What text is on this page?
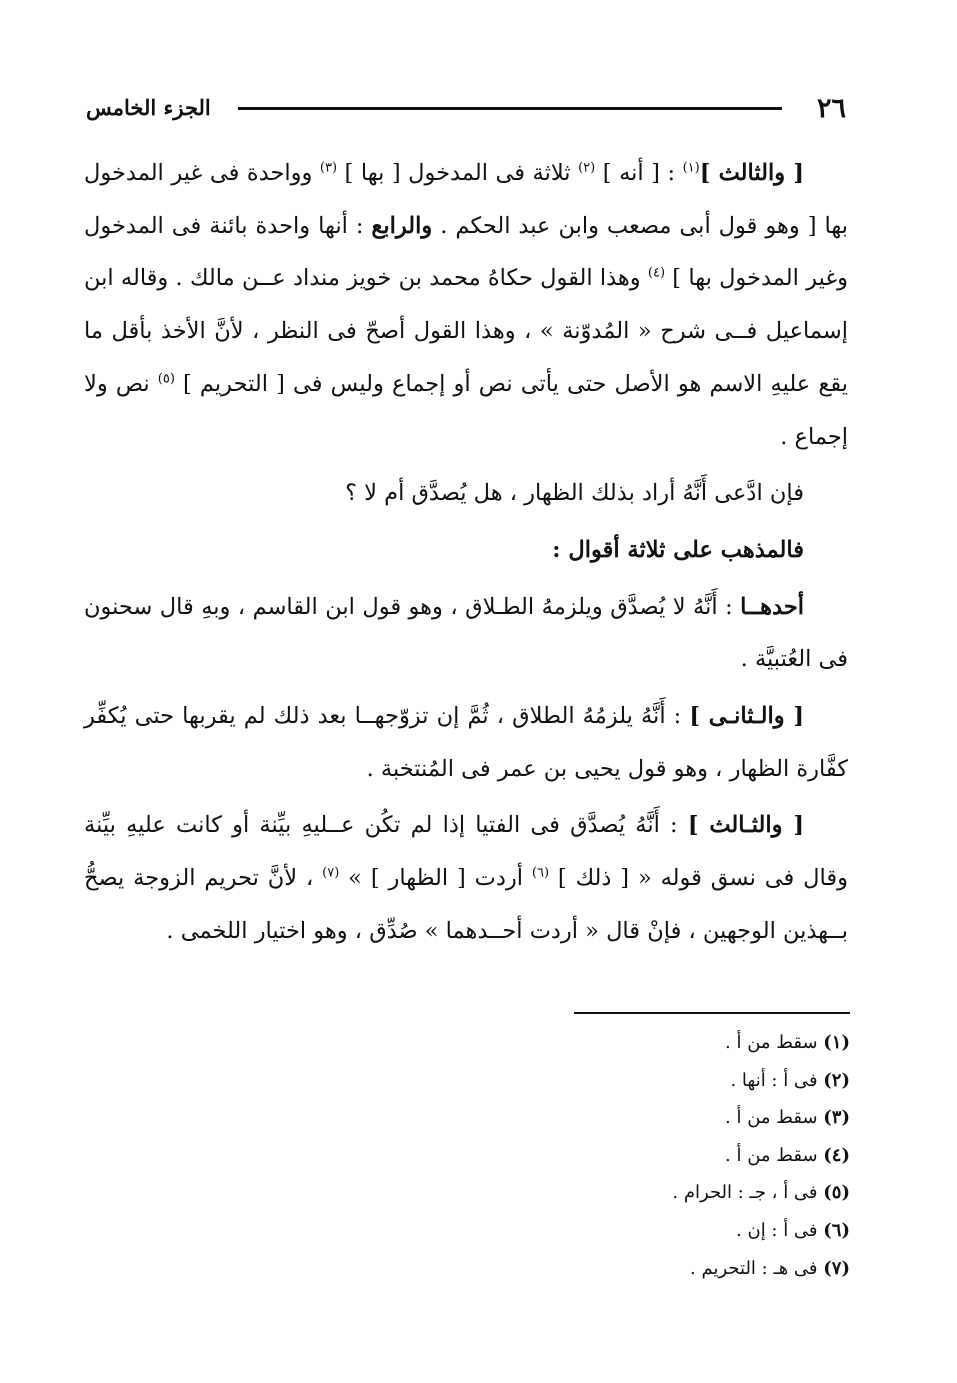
٢٦
الجزء الخامس

[ والثالث ]$^{(١)}$ : [ أنه ] $^{(٢)}$ ثلاثة فى المدخول [ بها ] $^{(٣)}$ وواحدة فى غير المدخول بها [ وهو قول أبى مصعب وابن عبد الحكم . والرابع : أنها واحدة بائنة فى المدخول وغير المدخول بها ] $^{(٤)}$ وهذا القول حكاهُ محمد بن خويز منداد عــن مالك . وقاله ابن إسماعيل فــى شرح « المُدوّنة » ، وهذا القول أصحّ فى النظر ، لأنَّ الأخذ بأقل ما يقع عليهِ الاسم هو الأصل حتى يأتى نص أو إجماع وليس فى [ التحريم ] $^{(٥)}$ نص ولا إجماع .

فإن ادَّعى أَنَّهُ أراد بذلك الظهار ، هل يُصدَّق أم لا ؟

فالمذهب على ثلاثة أقوال :

أحدهــا : أَنَّهُ لا يُصدَّق ويلزمهُ الطـلاق ، وهو قول ابن القاسم ، وبهِ قال سحنون فى العُتبيَّة .

[ والـثانـى ] : أَنَّهُ يلزمُهُ الطلاق ، ثُمَّ إن تزوّجهــا بعد ذلك لم يقربها حتى يُكفِّر كفَّارة الظهار ، وهو قول يحيى بن عمر فى المُنتخبة .

[ والثـالث ] : أَنَّهُ يُصدَّق فى الفتيا إذا لم تكُن عــليهِ بيِّنة أو كانت عليهِ بيِّنة وقال فى نسق قوله « [ ذلك ] $^{(٦)}$ أردت [ الظهار ] » $^{(٧)}$ ، لأنَّ تحريم الزوجة يصحُّ بــهذين الوجهين ، فإنْ قال « أردت أحــدهما » صُدِّق ، وهو اختيار اللخمى .

(١) سقط من أ .
(٢) فى أ : أنها .
(٣) سقط من أ .
(٤) سقط من أ .
(٥) فى أ ، جـ : الحرام .
(٦) فى أ : إن .
(٧) فى هـ : التحريم .
